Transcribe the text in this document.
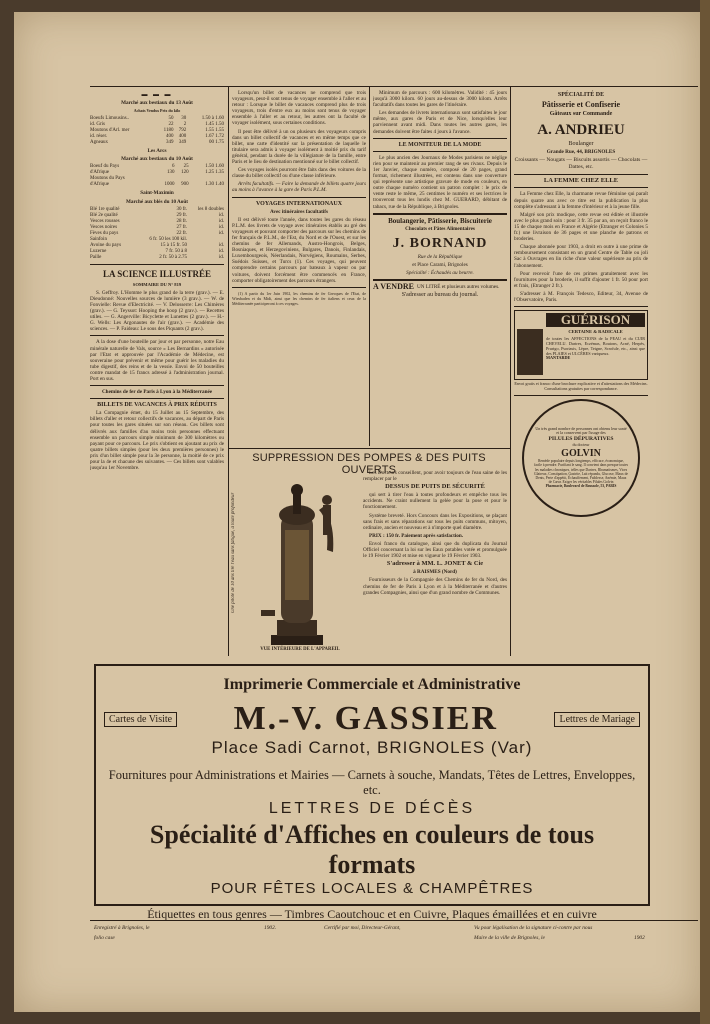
▬ ▬ ▬
Marché aux bestiaux du 13 Août
Achats Vendus Prix du kilo
Boeufs Limousins..	50	30	1.50 à 1.60
id. Gris	22	2	1.45 1.50
Moutons d'Arl. mer	1180	792	1.55 1.55
id. réser.	400	400	1.67 1.72
Agneaux	349	349	00 1.75
Les Arcs
Marché aux bestiaux du 10 Août
Boeuf du Pays	6	25	1.50 1.60
d'Afrique	130	120	1.25 1.35
Moutons du Pays			
d'Afrique	1000	900	1.30 1.40
Saint-Maximin
Marché aux blés du 10 Août
Blé 1re qualité	30 fr.	les 8 doubles
Blé 2e qualité	29 fr.	id.
Vesces rousses	28 fr.	id.
Vesces noires	27 fr.	id.
Fèves du pays	22 fr.	id.
Sainfoin	6 fr. 50 les 100 kil.	
Avoine du pays	15 à 15 fr. 50	id.
Luzerne	7 fr. 50 à 8	id.
Paille	2 fr. 50 à 2.75	id.
LA SCIENCE ILLUSTRÉE
SOMMAIRE DU N° 819

S. Geffroy. L'Homme le plus grand de la terre (grav.). — E. Dieudonné: Nouvelles sources de lumière (3 grav.). — W. de Fonvielle: Revue d'Electricité. — V. Delosserre: Les Chimères (grav.). — G. Teyssot: Hooping the hoop (2 grav.). — Recettes utiles. — G. Angerville: Bicyclette et Lunettes (2 grav.). — H.-G. Wells: Les Argonautes de l'air (grav.). — Académie des sciences. — P. Faideau: Le sous des Piquants (2 grav.).

A la dose d'une bouteille par jour et par personne, notre Eau minérale naturelle de Vals, source « Les Bernardins » autorisée par l'Etat et approuvée par l'Académie de Médecine, est souveraine pour prévenir et même pour guérir les maladies du tube digestif, des reins et de la vessie. Envoi de 50 bouteilles contre mandat de 15 francs adressé à l'administration journal. Port en sus.

Chemins de fer de Paris à Lyon à la Méditerranée
BILLETS DE VACANCES À PRIX RÉDUITS

La Compagnie émet, du 15 Juillet au 15 Septembre, des billets d'aller et retour collectifs de vacances, au départ de Paris pour toutes les gares situées sur son réseau. Ces billets sont délivrés aux familles d'au moins trois personnes effectuant ensemble un parcours simple minimum de 300 kilomètres ou payant pour ce parcours. Le prix s'obtient en ajoutant au prix de quatre billets simples (pour les deux premières personnes) le prix d'un billet simple pour la 3e personne, la moitié de ce prix pour la 4e et chacune des suivantes. — Ces billets sont valables jusqu'au 1er Novembre.

Lorsqu'un billet de vacances ne comprend que trois voyageurs, peut-il sont tenus de voyager ensemble à l'aller et au retour : Lorsque le billet de vacances comprend plus de trois voyageurs, trois d'entre eux au moins sont tenus de voyager ensemble à l'aller et au retour, les autres ont la faculté de voyager isolément, sous certaines conditions.

Il peut être délivré à un ou plusieurs des voyageurs compris dans un billet collectif de vacances et en même temps que ce billet, une carte d'identité sur la présentation de laquelle le titulaire sera admis à voyager isolément à moitié prix du tarif général, pendant la durée de la villégiature de la famille, entre Paris et le lieu de destination mentionné sur le billet collectif.

Ces voyages isolés pourront être faits dans des voitures de la classe du billet collectif ou d'une classe inférieure.

Arrêts facultatifs. — Faire la demande de billets quatre jours au moins à l'avance à la gare de Paris P.L.M.

VOYAGES INTERNATIONAUX
Avec itinéraires facultatifs

Il est délivré toute l'année, dans toutes les gares du réseau P.L.M. des livrets de voyage avec itinéraires établis au gré des voyageurs et pouvant comporter des parcours sur les chemins de fer français de P.L.M., de l'Est, du Nord et de l'Ouest, et sur les chemins de fer Allemands, Austro-Hongrois, Belges, Bosniaques, et Herzegoviniens, Bulgares, Danois, Finlandais, Luxembourgeois, Néerlandais, Norvégiens, Roumains, Serbes, Suédois Suisses, et Turcs (1). Ces voyages, qui peuvent comprendre certains parcours par bateaux à vapeur ou par voitures, doivent forcément être commencés en France, comporter obligatoirement des parcours étrangers.

(1) A partir du 1er Juin 1902, les chemins de fer Grecques de l'Etat, de Wiesbaden et du Midi, ainsi que les chemins de fer italiens et ceux de la Méditerranée participeront à ces voyages.

Minimum de parcours : 600 kilomètres. Validité : 45 jours jusqu'à 3000 kilom. 60 jours au-dessus de 3000 kilom. Arrêts facultatifs dans toutes les gares de l'itinéraire.

Les demandes de livrets internationaux sont satisfaites le jour même, aux gares de Paris et de Nice, lorsqu'elles leur parviennent avant midi. Dans toutes les autres gares, les demandes doivent être faites 4 jours à l'avance.

LE MONITEUR DE LA MODE

Le plus ancien des Journaux de Modes parisiens ne néglige rien pour se maintenir au premier rang de ses rivaux. Depuis le 1er Janvier, chaque numéro, composé de 20 pages, grand format, richement illustrées, est contenu dans une couverture qui représente une artistique gravure de mode en couleurs, en outre chaque numéro contient un patron complet : le prix de vente reste le même, 25 centimes le numéro et ses lectrices le trouveront tous les lundis chez M. GUERARD, débitant de tabacs, rue de la République, à Brignoles.

Boulangerie, Pâtisserie, Biscuiterie
Chocolats et Pâtes Alimentaires
J. BORNAND
Rue de la République
et Place Carami, Brignoles
Spécialité : Échaudés au beurre.
A VENDRE UN LITRÉ et plusieurs autres volumes.
S'adresser au bureau du journal.
SPÉCIALITÉ DE
Pâtisserie et Confiserie
Gâteaux sur Commande
A. ANDRIEU
Boulanger
Grande Rue, 44, BRIGNOLES
Croissants — Nougats — Biscuits assortis — Chocolats — Dattes, etc.
LA FEMME CHEZ ELLE

La Femme chez Elle, la charmante revue féminine qui paraît depuis quatre ans avec ce titre est la publication la plus complète s'adressant à la femme d'intérieur et à la jeune fille.

Malgré son prix modique, cette revue est éditée et illustrée avec le plus grand soin : pour 3 fr. 35 par an, on reçoit franco le 15 de chaque mois en France et Algérie (Etranger et Colonies 5 fr.) une livraison de 36 pages et une planche de patrons et broderies.

Chaque abonnée pour 1903, a droit en outre à une prime de remboursement consistant en un grand Centre de Table ou joli Sac à Ouvrages en lin riche d'une valeur supérieure au prix de l'abonnement.

Pour recevoir l'une de ces primes gratuitement avec les fournitures pour la broderie, il suffit d'ajouter 1 fr. 50 pour port et frais, (Etranger 2 fr.).

S'adresser à M. François Tedesco, Editeur, 34, Avenue de l'Observatoire, Paris.

GUÉRISON
CERTAINE & RADICALE
de toutes les AFFECTIONS de la PEAU et du CUIR CHEVELU. Dartres, Eczémas, Boutons, Acné, Herpès, Prurigo, Psoriasis, Lèpre, Teigne, Scrofule, etc., ainsi que des PLAIES et ULCÈRES variqueux.
MANTARDE
Envoi gratis et franco d'une brochure explicative et d'attestations des Médecins. Consultations gratuites par correspondance.
Un très grand nombre de personnes ont obtenu leur santé et la conservent par l'usage des
PILULES DÉPURATIVES
du docteur
GOLVIN
Remède populaire depuis longtemps, efficace, économique, facile à prendre. Purifiant le sang. Il convient dans presque toutes les maladies chroniques, telles que Dartres, Rhumatismes, Vices Glaireux, Constipation, Gastrite, Lait répandu, Glucose, Maux de Dents, Perte d'appétit, Échauffement, Faiblesse, Anémie, Maux de Cœur. Exiger les véritables Pilules Golvin
Pharmacie, Boulevard de Boussole, 53, PARIS
SUPPRESSION DES POMPES & DES PUITS OUVERTS
Une pilote de 10 ans tire l'eau sans fatigue, à toute profondeur
VUE INTÉRIEURE DE L'APPAREIL

Les Docteurs conseillent, pour avoir toujours de l'eau saine de les remplacer par le

DESSUS DE PUITS DE SÉCURITÉ

qui sert à tirer l'eau à toutes profondeurs et empêche tous les accidents. Ne craint nullement la gelée pour la pose et pour le fonctionnement.

Système breveté. Hors Concours dans les Expositions, se plaçant sans frais et sans réparations sur tous les puits communs, mitoyen, ordinaire, ancien et nouveau et à n'importe quel diamètre.

PRIX : 150 fr. Paiement après satisfaction.

Envoi franco du catalogue, ainsi que du duplicata du Journal Officiel concernant la loi sur les Eaux potables votée et promulguée le 19 Février 1902 et mise en vigueur le 19 Février 1903.

S'adresser à MM. L. JONET & Cie
à RAISMES (Nord)

Fournisseurs de la Compagnie des Chemins de fer du Nord, des chemins de fer de Paris à Lyon et à la Méditerranée et d'autres grandes Compagnies, ainsi que d'un grand nombre de Communes.

Imprimerie Commerciale et Administrative
Cartes de Visite M.-V. GASSIER	Lettres de Mariage
Place Sadi Carnot, BRIGNOLES (Var)
Fournitures pour Administrations et Mairies — Carnets à souche, Mandats, Têtes de Lettres, Enveloppes, etc.
LETTRES DE DÉCÈS
Spécialité d'Affiches en couleurs de tous formats
POUR FÊTES LOCALES & CHAMPÊTRES
Étiquettes en tous genres — Timbres Caoutchouc et en Cuivre, Plaques émaillées et en cuivre
Enregistré à Brignoles, le
folio case
1902.	Certifié par moi, Directeur-Gérant,	Vu pour légalisation de la signature ci-contre par nous
Maire de la ville de Brignoles, le	1902
